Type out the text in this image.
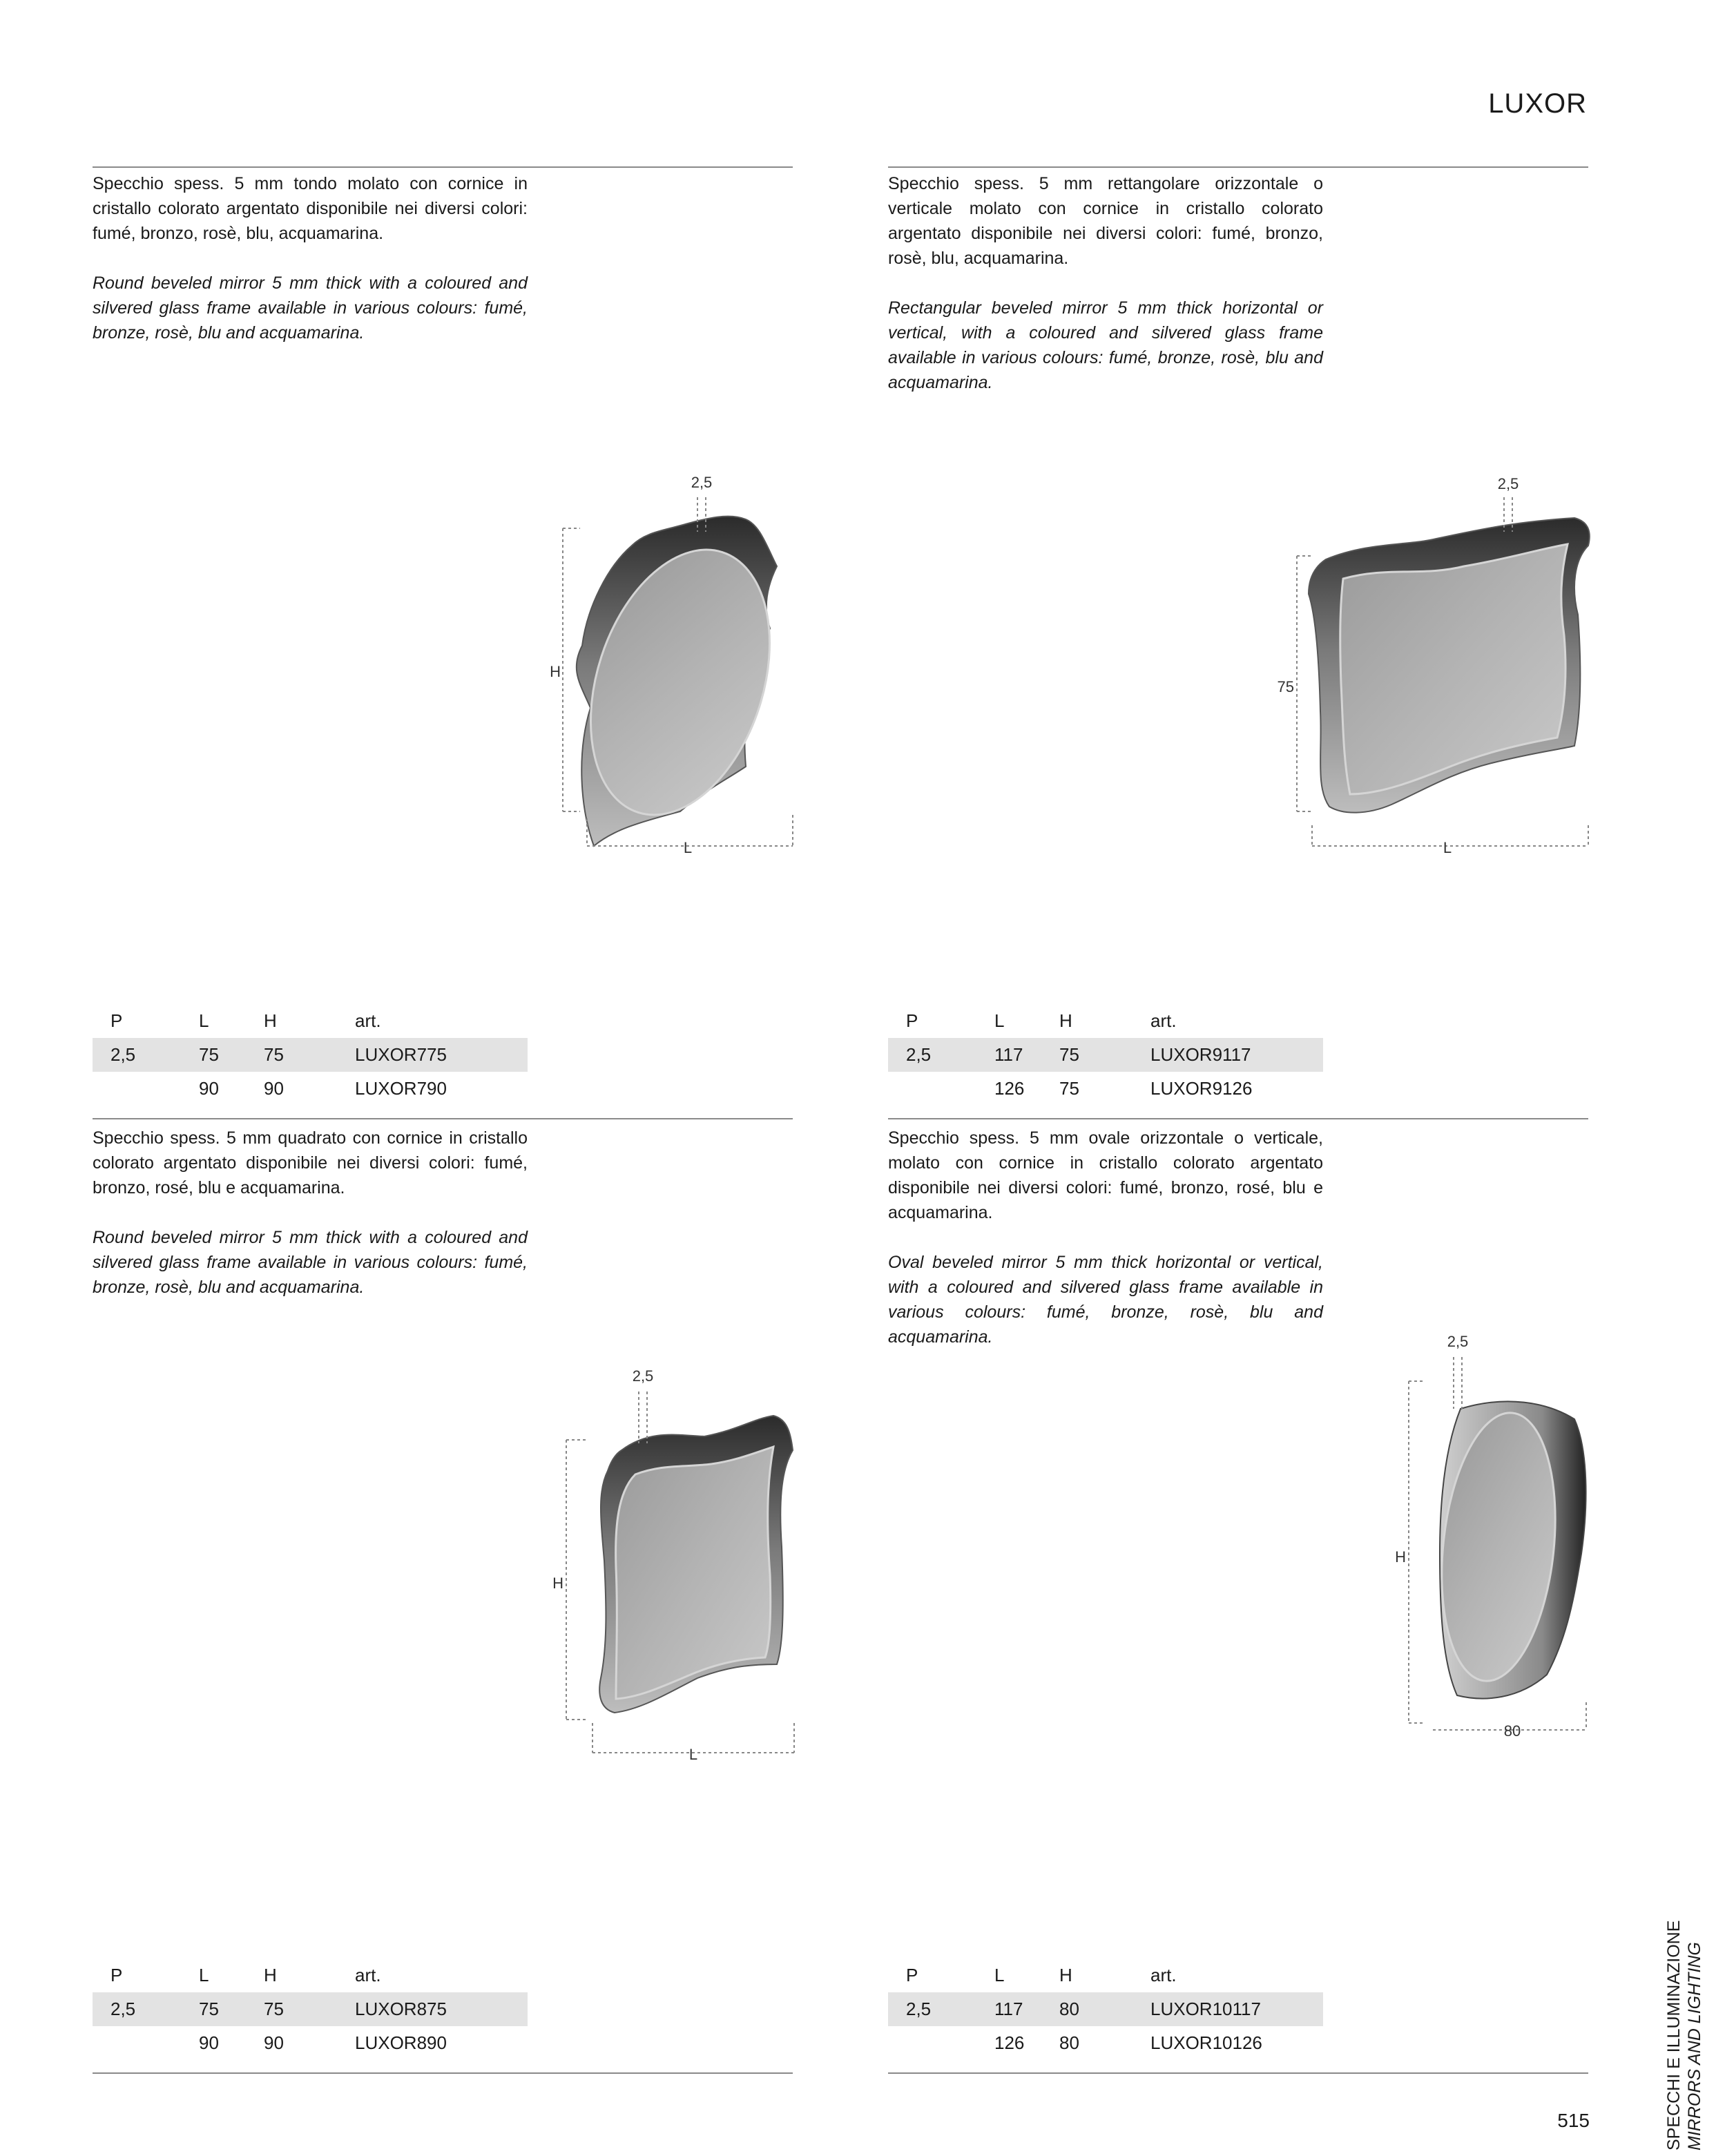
LUXOR

Specchio spess. 5 mm tondo molato con cornice in cristallo colorato argentato disponibile nei diversi colori: fumé, bronzo, rosè, blu, acquamarina.

Round beveled mirror 5 mm thick with a coloured and silvered glass frame available in various colours: fumé, bronze, rosè, blu and acquamarina.

Specchio spess. 5 mm rettangolare orizzontale o verticale molato con cornice in cristallo colorato argentato disponibile nei diversi colori: fumé, bronzo, rosè, blu, acquamarina.

Rectangular beveled mirror 5 mm thick horizontal or vertical, with a coloured and silvered glass frame available in various colours: fumé, bronze, rosè, blu and acquamarina.

Specchio spess. 5 mm quadrato con cornice in cristallo colorato argentato disponibile nei diversi colori: fumé, bronzo, rosé, blu e acquamarina.

Round beveled mirror 5 mm thick with a coloured and silvered glass frame available in various colours: fumé, bronze, rosè, blu and acquamarina.

Specchio spess. 5 mm ovale orizzontale o verticale, molato con cornice in cristallo colorato argentato disponibile nei diversi colori: fumé, bronzo, rosé, blu e acquamarina.

Oval beveled mirror 5 mm thick horizontal or vertical, with a coloured and silvered glass frame available in various colours: fumé, bronze, rosè, blu and acquamarina.

2,5
H
L
2,5
75
L
2,5
H
L
2,5
H
80
P	L	H	art.
2,5	75	75	LUXOR775
	90	90	LUXOR790
P	L	H	art.
2,5	117	75	LUXOR9117
	126	75	LUXOR9126
P	L	H	art.
2,5	75	75	LUXOR875
	90	90	LUXOR890
P	L	H	art.
2,5	117	80	LUXOR10117
	126	80	LUXOR10126	SPECCHI E ILLUMINAZIONE MIRRORS AND LIGHTING
515
